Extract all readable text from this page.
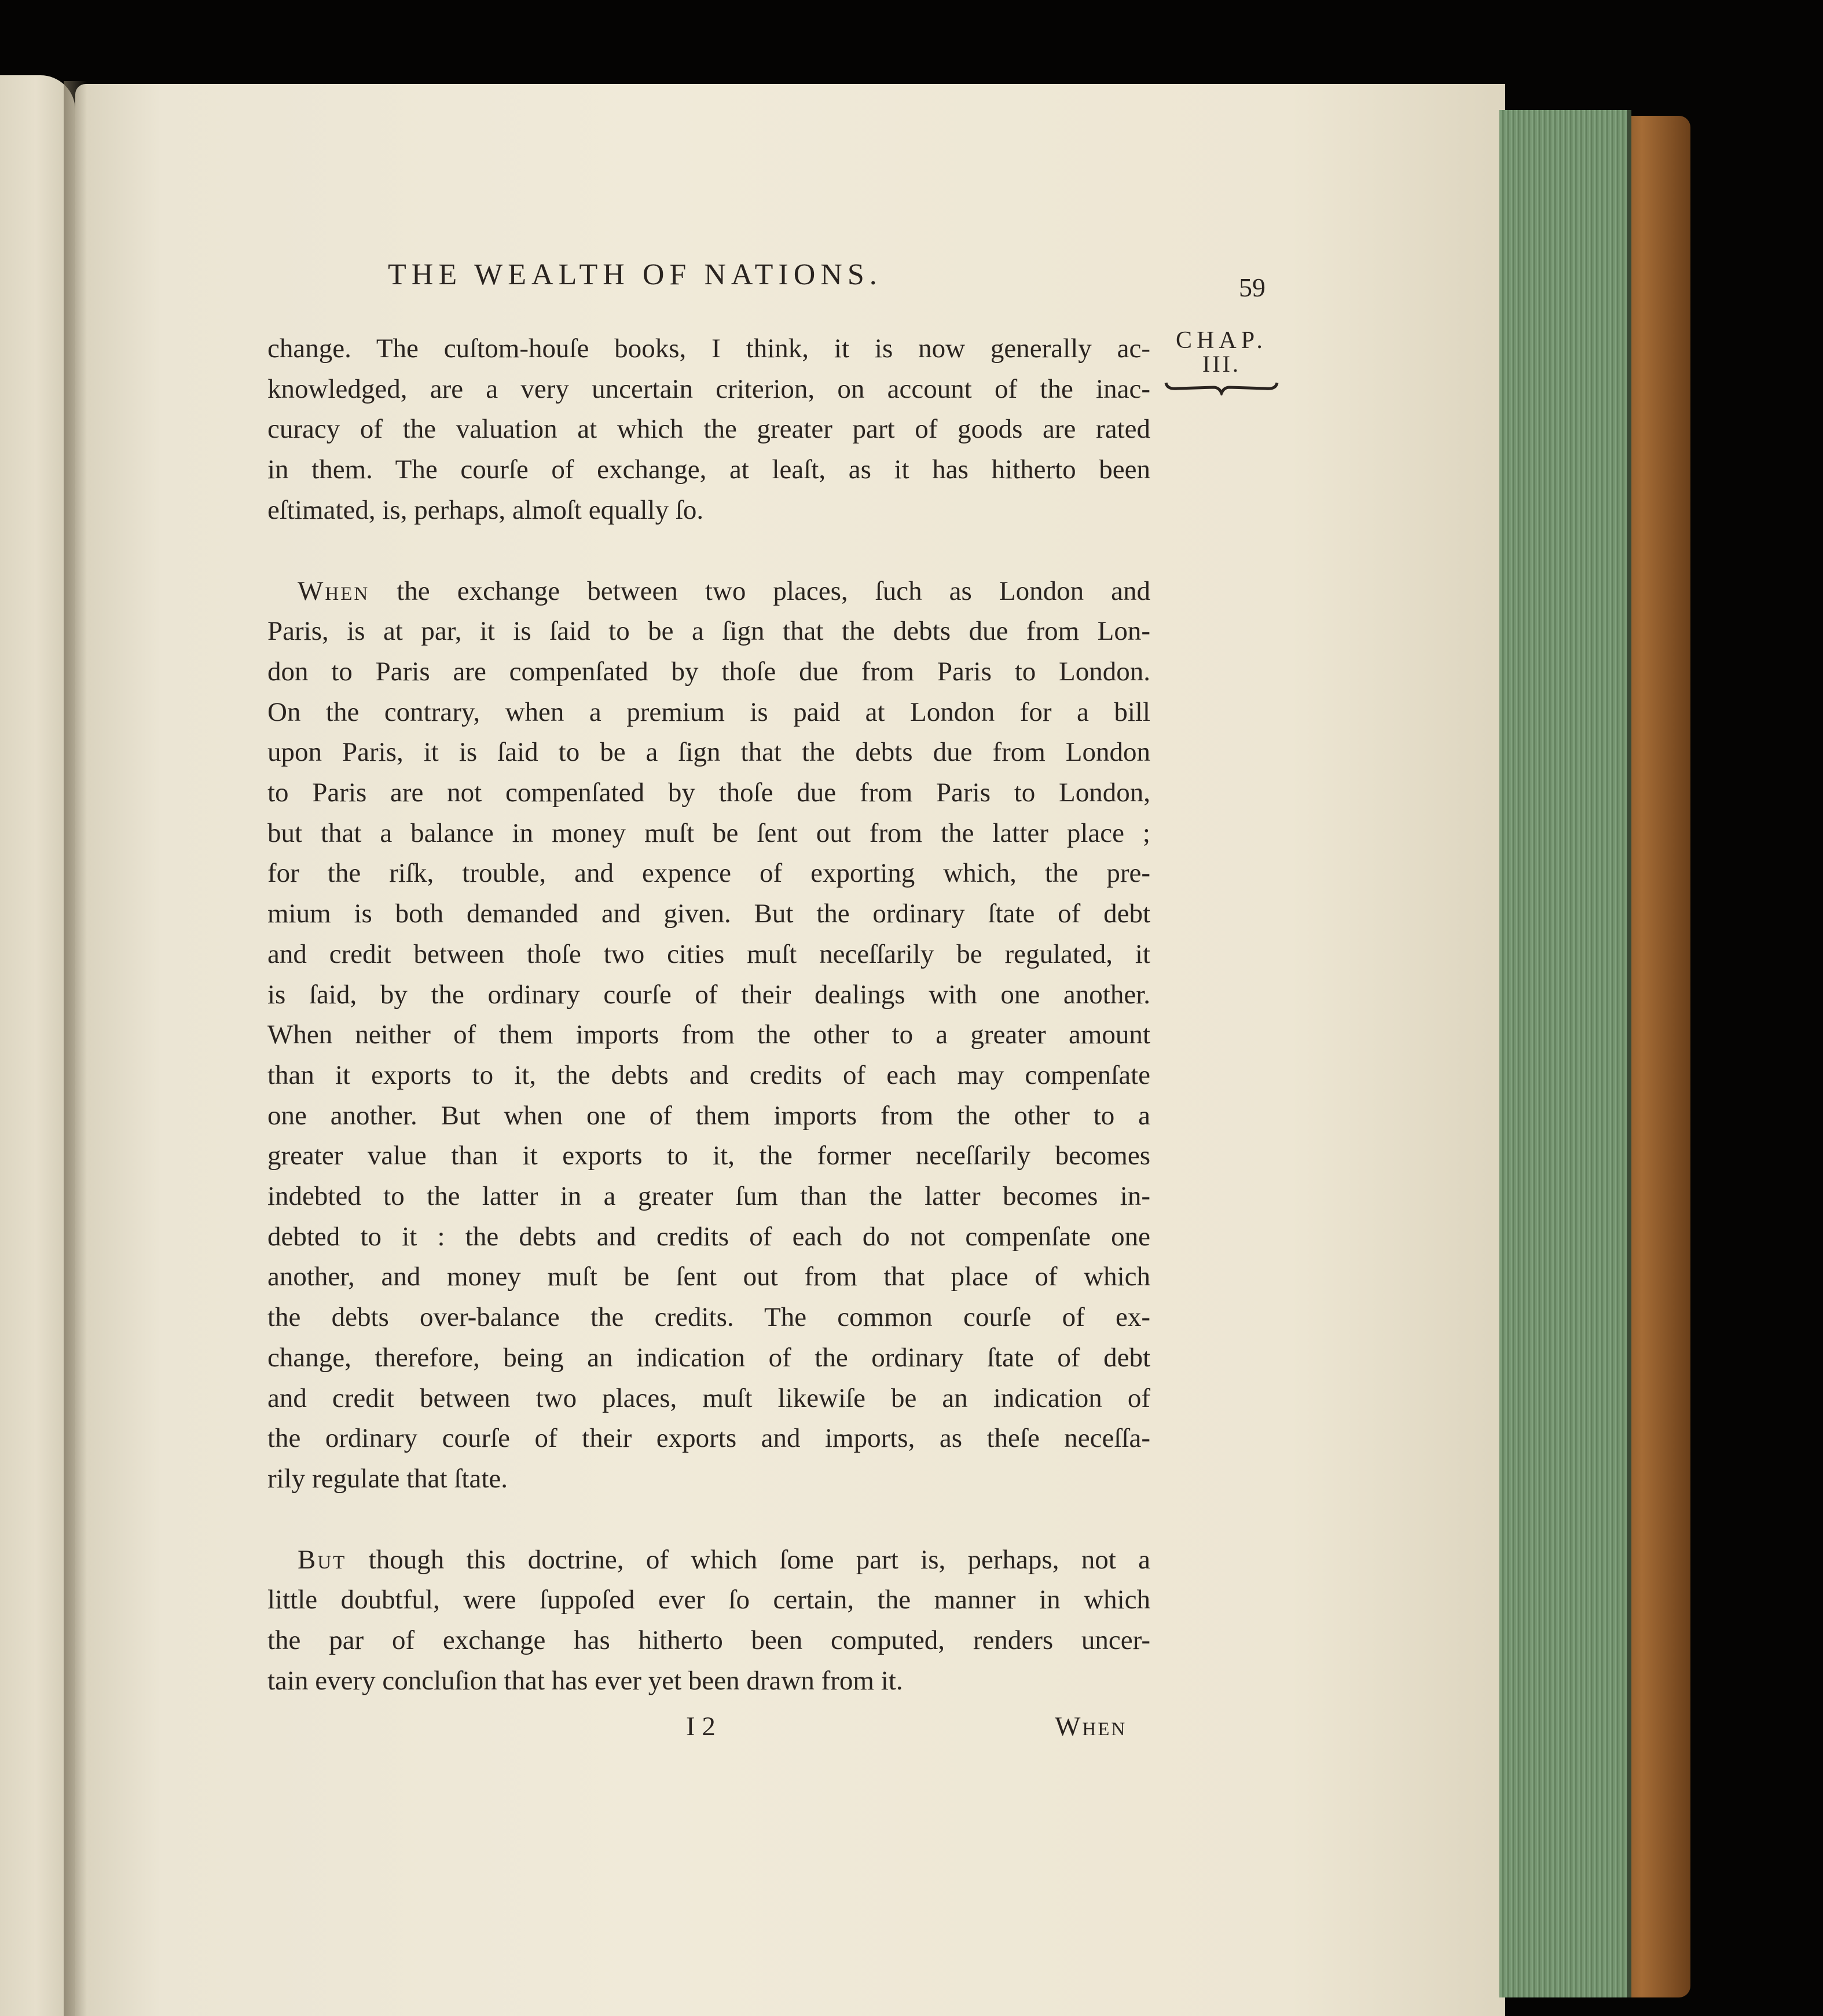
THE WEALTH OF NATIONS.	59
CHAP.
III.
change. The cuſtom-houſe books, I think, it is now generally ac-
knowledged, are a very uncertain criterion, on account of the inac-
curacy of the valuation at which the greater part of goods are rated
in them. The courſe of exchange, at leaſt, as it has hitherto been
eſtimated, is, perhaps, almoſt equally ſo.
When the exchange between two places, ſuch as London and
Paris, is at par, it is ſaid to be a ſign that the debts due from Lon-
don to Paris are compenſated by thoſe due from Paris to London.
On the contrary, when a premium is paid at London for a bill
upon Paris, it is ſaid to be a ſign that the debts due from London
to Paris are not compenſated by thoſe due from Paris to London,
but that a balance in money muſt be ſent out from the latter place ;
for the riſk, trouble, and expence of exporting which, the pre-
mium is both demanded and given. But the ordinary ſtate of debt
and credit between thoſe two cities muſt neceſſarily be regulated, it
is ſaid, by the ordinary courſe of their dealings with one another.
When neither of them imports from the other to a greater amount
than it exports to it, the debts and credits of each may compenſate
one another. But when one of them imports from the other to a
greater value than it exports to it, the former neceſſarily becomes
indebted to the latter in a greater ſum than the latter becomes in-
debted to it : the debts and credits of each do not compenſate one
another, and money muſt be ſent out from that place of which
the debts over-balance the credits. The common courſe of ex-
change, therefore, being an indication of the ordinary ſtate of debt
and credit between two places, muſt likewiſe be an indication of
the ordinary courſe of their exports and imports, as theſe neceſſa-
rily regulate that ſtate.
But though this doctrine, of which ſome part is, perhaps, not a
little doubtful, were ſuppoſed ever ſo certain, the manner in which
the par of exchange has hitherto been computed, renders uncer-
tain every concluſion that has ever yet been drawn from it.
I 2	When
